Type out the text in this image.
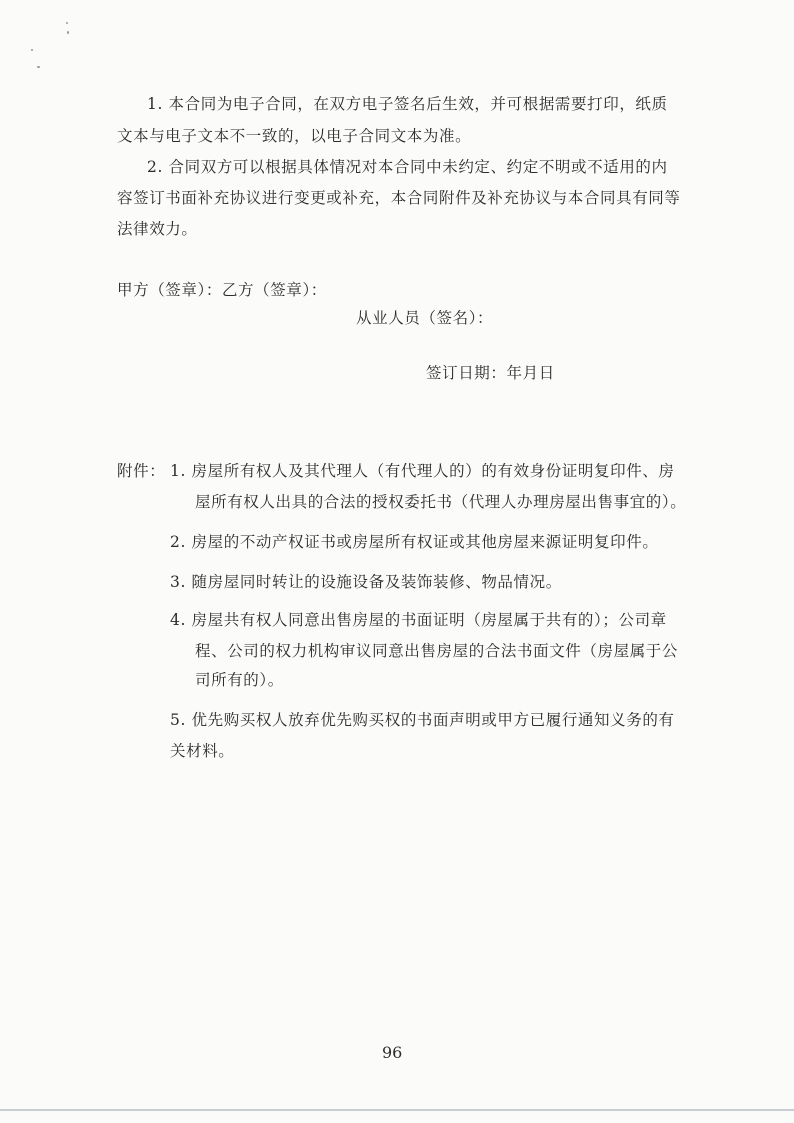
1. 本合同为电子合同，在双方电子签名后生效，并可根据需要打印，纸质
文本与电子文本不一致的，以电子合同文本为准。
2. 合同双方可以根据具体情况对本合同中未约定、约定不明或不适用的内
容签订书面补充协议进行变更或补充，本合同附件及补充协议与本合同具有同等
法律效力。
甲方（签章）：乙方（签章）：
从业人员（签名）：
签订日期：年月日
附件： 1. 房屋所有权人及其代理人（有代理人的）的有效身份证明复印件、房
屋所有权人出具的合法的授权委托书（代理人办理房屋出售事宜的）。
2. 房屋的不动产权证书或房屋所有权证或其他房屋来源证明复印件。
3. 随房屋同时转让的设施设备及装饰装修、物品情况。
4. 房屋共有权人同意出售房屋的书面证明（房屋属于共有的）；公司章
程、公司的权力机构审议同意出售房屋的合法书面文件（房屋属于公
司所有的）。
5. 优先购买权人放弃优先购买权的书面声明或甲方已履行通知义务的有
关材料。
96
